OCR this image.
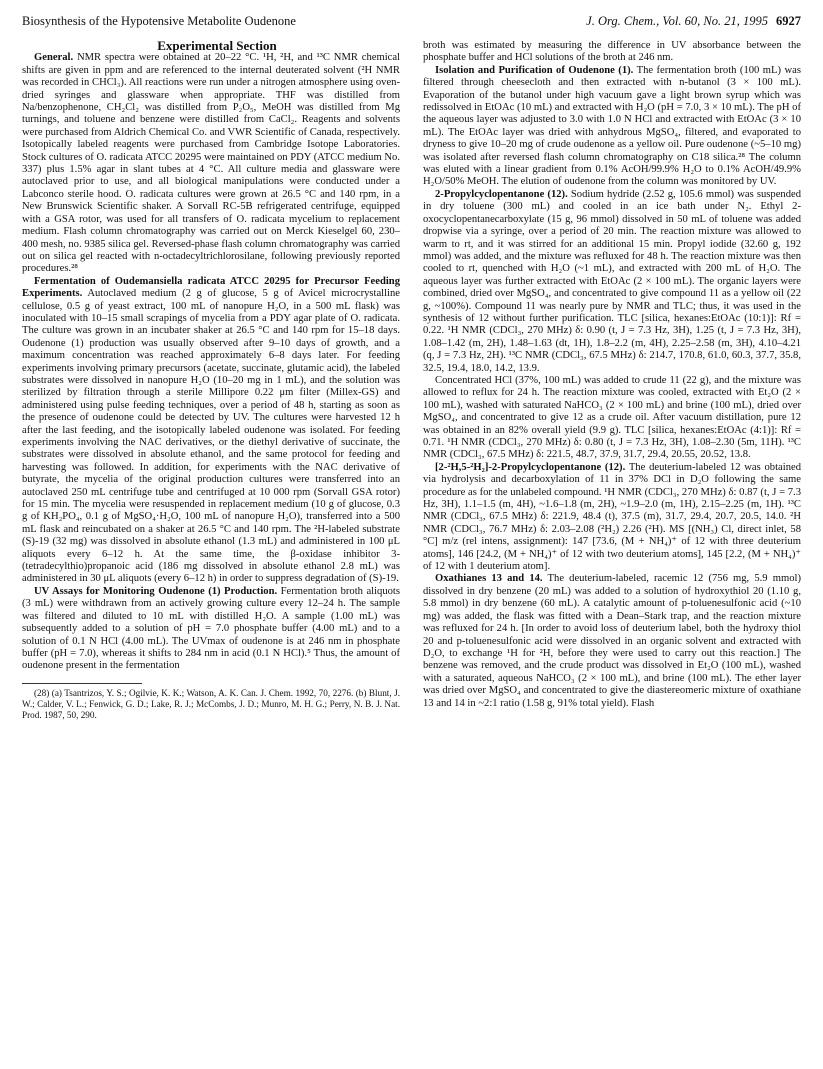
Biosynthesis of the Hypotensive Metabolite Oudenone	J. Org. Chem., Vol. 60, No. 21, 1995 6927

Experimental Section

General. NMR spectra were obtained at 20–22 °C. ¹H, ²H, and ¹³C NMR chemical shifts are given in ppm and are referenced to the internal deuterated solvent (²H NMR was recorded in CHCl₃). All reactions were run under a nitrogen atmosphere using oven-dried syringes and glassware when appropriate. THF was distilled from Na/benzophenone, CH₂Cl₂ was distilled from P₂O₅, MeOH was distilled from Mg turnings, and toluene and benzene were distilled from CaCl₂. Reagents and solvents were purchased from Aldrich Chemical Co. and VWR Scientific of Canada, respectively. Isotopically labeled reagents were purchased from Cambridge Isotope Laboratories. Stock cultures of O. radicata ATCC 20295 were maintained on PDY (ATCC medium No. 337) plus 1.5% agar in slant tubes at 4 °C. All culture media and glassware were autoclaved prior to use, and all biological manipulations were conducted under a Labconco sterile hood. O. radicata cultures were grown at 26.5 °C and 140 rpm, in a New Brunswick Scientific shaker. A Sorvall RC-5B refrigerated centrifuge, equipped with a GSA rotor, was used for all transfers of O. radicata mycelium to replacement medium. Flash column chromatography was carried out on Merck Kieselgel 60, 230–400 mesh, no. 9385 silica gel. Reversed-phase flash column chromatography was carried out on silica gel reacted with n-octadecyltrichlorosilane, following previously reported procedures.²⁸

Fermentation of Oudemansiella radicata ATCC 20295 for Precursor Feeding Experiments. Autoclaved medium (2 g of glucose, 5 g of Avicel microcrystalline cellulose, 0.5 g of yeast extract, 100 mL of nanopure H₂O, in a 500 mL flask) was inoculated with 10–15 small scrapings of mycelia from a PDY agar plate of O. radicata. The culture was grown in an incubater shaker at 26.5 °C and 140 rpm for 15–18 days. Oudenone (1) production was usually observed after 9–10 days of growth, and a maximum concentration was reached approximately 6–8 days later. For feeding experiments involving primary precursors (acetate, succinate, glutamic acid), the labeled substrates were dissolved in nanopure H₂O (10–20 mg in 1 mL), and the solution was sterilized by filtration through a sterile Millipore 0.22 μm filter (Millex-GS) and administered using pulse feeding techniques, over a period of 48 h, starting as soon as the presence of oudenone could be detected by UV. The cultures were harvested 12 h after the last feeding, and the isotopically labeled oudenone was isolated. For feeding experiments involving the NAC derivatives, or the diethyl derivative of succinate, the substrates were dissolved in absolute ethanol, and the same protocol for feeding and harvesting was followed. In addition, for experiments with the NAC derivative of butyrate, the mycelia of the original production cultures were transferred into an autoclaved 250 mL centrifuge tube and centrifuged at 10 000 rpm (Sorvall GSA rotor) for 15 min. The mycelia were resuspended in replacement medium (10 g of glucose, 0.3 g of KH₂PO₄, 0.1 g of MgSO₄·H₂O, 100 mL of nanopure H₂O), transferred into a 500 mL flask and reincubated on a shaker at 26.5 °C and 140 rpm. The ²H-labeled substrate (S)-19 (32 mg) was dissolved in absolute ethanol (1.3 mL) and administered in 100 μL aliquots every 6–12 h. At the same time, the β-oxidase inhibitor 3-(tetradecylthio)propanoic acid (186 mg dissolved in absolute ethanol 2.8 mL) was administered in 30 μL aliquots (every 6–12 h) in order to suppress degradation of (S)-19.

UV Assays for Monitoring Oudenone (1) Production. Fermentation broth aliquots (3 mL) were withdrawn from an actively growing culture every 12–24 h. The sample was filtered and diluted to 10 mL with distilled H₂O. A sample (1.00 mL) was subsequently added to a solution of pH = 7.0 phosphate buffer (4.00 mL) and to a solution of 0.1 N HCl (4.00 mL). The UVmax of oudenone is at 246 nm in phosphate buffer (pH = 7.0), whereas it shifts to 284 nm in acid (0.1 N HCl).⁵ Thus, the amount of oudenone present in the fermentation

(28) (a) Tsantrizos, Y. S.; Ogilvie, K. K.; Watson, A. K. Can. J. Chem. 1992, 70, 2276. (b) Blunt, J. W.; Calder, V. L.; Fenwick, G. D.; Lake, R. J.; McCombs, J. D.; Munro, M. H. G.; Perry, N. B. J. Nat. Prod. 1987, 50, 290.

broth was estimated by measuring the difference in UV absorbance between the phosphate buffer and HCl solutions of the broth at 246 nm.

Isolation and Purification of Oudenone (1). The fermentation broth (100 mL) was filtered through cheesecloth and then extracted with n-butanol (3 × 100 mL). Evaporation of the butanol under high vacuum gave a light brown syrup which was redissolved in EtOAc (10 mL) and extracted with H₂O (pH = 7.0, 3 × 10 mL). The pH of the aqueous layer was adjusted to 3.0 with 1.0 N HCl and extracted with EtOAc (3 × 10 mL). The EtOAc layer was dried with anhydrous MgSO₄, filtered, and evaporated to dryness to give 10–20 mg of crude oudenone as a yellow oil. Pure oudenone (~5–10 mg) was isolated after reversed flash column chromatography on C18 silica.²⁸ The column was eluted with a linear gradient from 0.1% AcOH/99.9% H₂O to 0.1% AcOH/49.9% H₂O/50% MeOH. The elution of oudenone from the column was monitored by UV.

2-Propylcyclopentanone (12). Sodium hydride (2.52 g, 105.6 mmol) was suspended in dry toluene (300 mL) and cooled in an ice bath under N₂. Ethyl 2-oxocyclopentanecarboxylate (15 g, 96 mmol) dissolved in 50 mL of toluene was added dropwise via a syringe, over a period of 20 min. The reaction mixture was allowed to warm to rt, and it was stirred for an additional 15 min. Propyl iodide (32.60 g, 192 mmol) was added, and the mixture was refluxed for 48 h. The reaction mixture was then cooled to rt, quenched with H₂O (~1 mL), and extracted with 200 mL of H₂O. The aqueous layer was further extracted with EtOAc (2 × 100 mL). The organic layers were combined, dried over MgSO₄, and concentrated to give compound 11 as a yellow oil (22 g, ~100%). Compound 11 was nearly pure by NMR and TLC; thus, it was used in the synthesis of 12 without further purification. TLC [silica, hexanes:EtOAc (10:1)]: Rf = 0.22. ¹H NMR (CDCl₃, 270 MHz) δ: 0.90 (t, J = 7.3 Hz, 3H), 1.25 (t, J = 7.3 Hz, 3H), 1.08–1.42 (m, 2H), 1.48–1.63 (dt, 1H), 1.8–2.2 (m, 4H), 2.25–2.58 (m, 3H), 4.10–4.21 (q, J = 7.3 Hz, 2H). ¹³C NMR (CDCl₃, 67.5 MHz) δ: 214.7, 170.8, 61.0, 60.3, 37.7, 35.8, 32.5, 19.4, 18.0, 14.2, 13.9.

Concentrated HCl (37%, 100 mL) was added to crude 11 (22 g), and the mixture was allowed to reflux for 24 h. The reaction mixture was cooled, extracted with Et₂O (2 × 100 mL), washed with saturated NaHCO₃ (2 × 100 mL) and brine (100 mL), dried over MgSO₄, and concentrated to give 12 as a crude oil. After vacuum distillation, pure 12 was obtained in an 82% overall yield (9.9 g). TLC [silica, hexanes:EtOAc (4:1)]: Rf = 0.71. ¹H NMR (CDCl₃, 270 MHz) δ: 0.80 (t, J = 7.3 Hz, 3H), 1.08–2.30 (5m, 11H). ¹³C NMR (CDCl₃, 67.5 MHz) δ: 221.5, 48.7, 37.9, 31.7, 29.4, 20.55, 20.52, 13.8.

[2-²H,5-²H₂]-2-Propylcyclopentanone (12). The deuterium-labeled 12 was obtained via hydrolysis and decarboxylation of 11 in 37% DCl in D₂O following the same procedure as for the unlabeled compound. ¹H NMR (CDCl₃, 270 MHz) δ: 0.87 (t, J = 7.3 Hz, 3H), 1.1–1.5 (m, 4H), ~1.6–1.8 (m, 2H), ~1.9–2.0 (m, 1H), 2.15–2.25 (m, 1H). ¹³C NMR (CDCl₃, 67.5 MHz) δ: 221.9, 48.4 (t), 37.5 (m), 31.7, 29.4, 20.7, 20.5, 14.0. ²H NMR (CDCl₃, 76.7 MHz) δ: 2.03–2.08 (²H₂) 2.26 (²H). MS [(NH₃) Cl, direct inlet, 58 °C] m/z (rel intens, assignment): 147 [73.6, (M + NH₄)⁺ of 12 with three deuterium atoms], 146 [24.2, (M + NH₄)⁺ of 12 with two deuterium atoms], 145 [2.2, (M + NH₄)⁺ of 12 with 1 deuterium atom].

Oxathianes 13 and 14. The deuterium-labeled, racemic 12 (756 mg, 5.9 mmol) dissolved in dry benzene (20 mL) was added to a solution of hydroxythiol 20 (1.10 g, 5.8 mmol) in dry benzene (60 mL). A catalytic amount of p-toluenesulfonic acid (~10 mg) was added, the flask was fitted with a Dean–Stark trap, and the reaction mixture was refluxed for 24 h. [In order to avoid loss of deuterium label, both the hydroxy thiol 20 and p-toluenesulfonic acid were dissolved in an organic solvent and extracted with D₂O, to exchange ¹H for ²H, before they were used to carry out this reaction.] The benzene was removed, and the crude product was dissolved in Et₂O (100 mL), washed with a saturated, aqueous NaHCO₃ (2 × 100 mL), and brine (100 mL). The ether layer was dried over MgSO₄ and concentrated to give the diastereomeric mixture of oxathiane 13 and 14 in ~2:1 ratio (1.58 g, 91% total yield). Flash
